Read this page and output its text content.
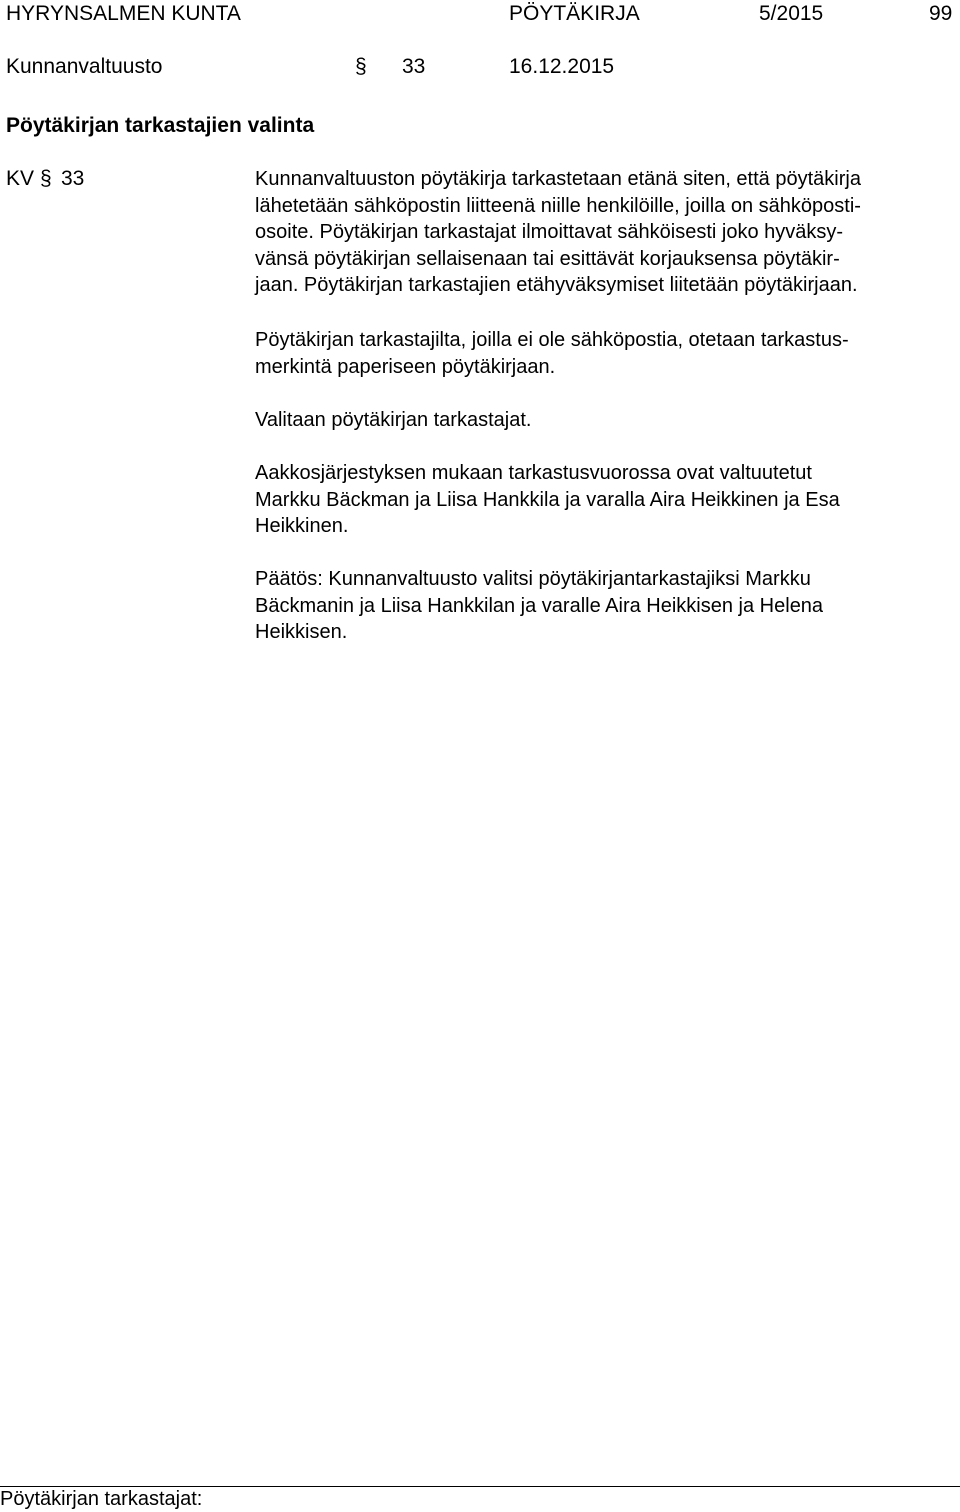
HYRYNSALMEN KUNTA	PÖYTÄKIRJA	5/2015	99
Kunnanvaltuusto	§ 33	16.12.2015
Pöytäkirjan tarkastajien valinta
KV § 33	Kunnanvaltuuston pöytäkirja tarkastetaan etänä siten, että pöytäkirja
lähetetään sähköpostin liitteenä niille henkilöille, joilla on sähköposti-
osoite. Pöytäkirjan tarkastajat ilmoittavat sähköisesti joko hyväksy-
vänsä pöytäkirjan sellaisenaan tai esittävät korjauksensa pöytäkir-
jaan. Pöytäkirjan tarkastajien etähyväksymiset liitetään pöytäkirjaan.
Pöytäkirjan tarkastajilta, joilla ei ole sähköpostia, otetaan tarkastus-
merkintä paperiseen pöytäkirjaan.
Valitaan pöytäkirjan tarkastajat.
Aakkosjärjestyksen mukaan tarkastusvuorossa ovat valtuutetut
Markku Bäckman ja Liisa Hankkila ja varalla Aira Heikkinen ja Esa
Heikkinen.
Päätös: Kunnanvaltuusto valitsi pöytäkirjantarkastajiksi Markku
Bäckmanin ja Liisa Hankkilan ja varalle Aira Heikkisen ja Helena
Heikkisen.
Pöytäkirjan tarkastajat:
